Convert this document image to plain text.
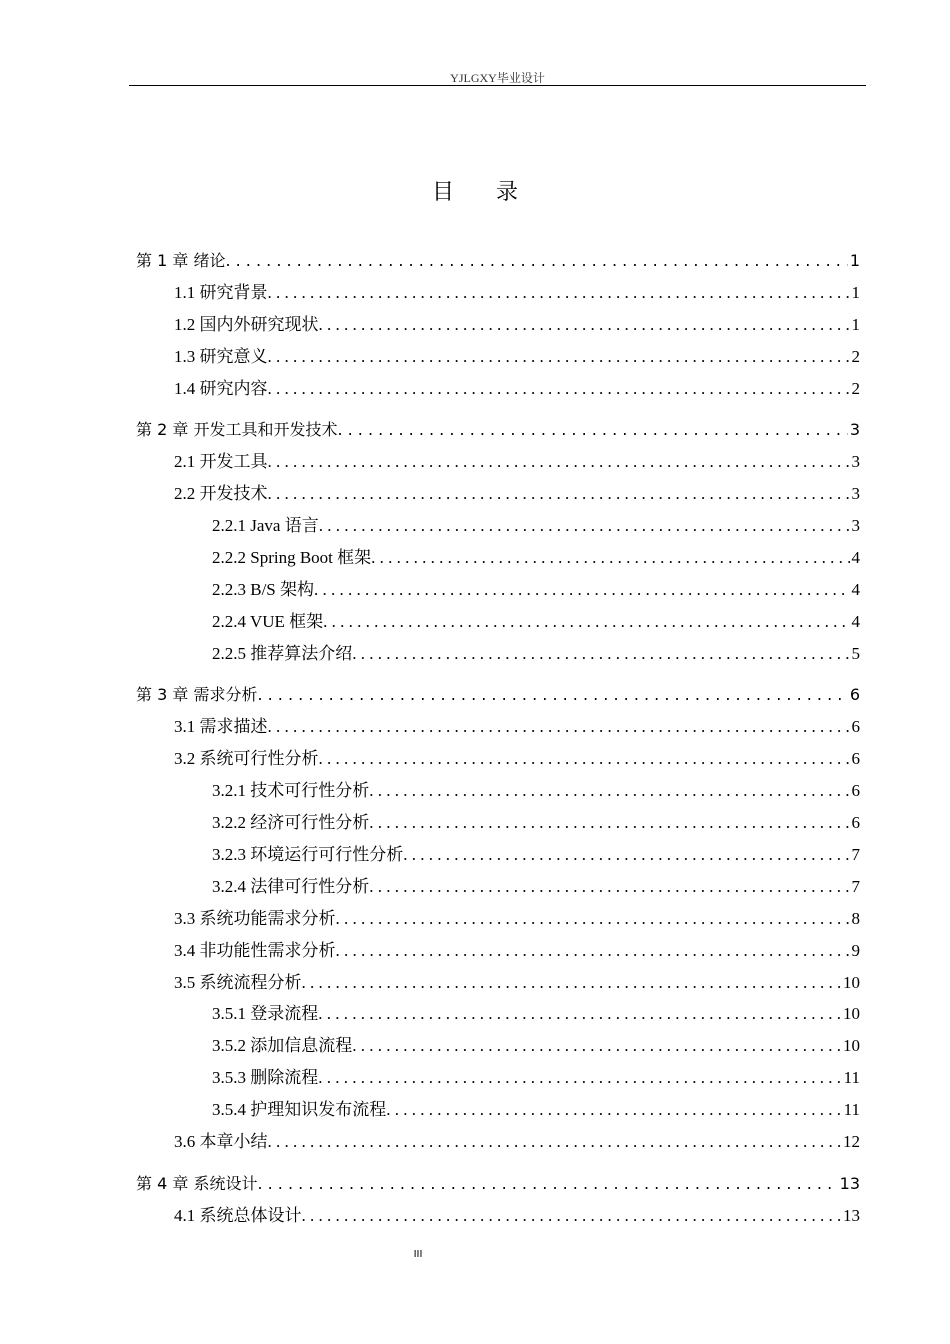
YJLGXY毕业设计
目 录
第 1 章 绪论 . . .	1
1.1 研究背景 . . .	1
1.2 国内外研究现状 . . .	1
1.3 研究意义 . . .	2
1.4 研究内容 . . .	2
第 2 章 开发工具和开发技术 . . .	3
2.1 开发工具 . . .	3
2.2 开发技术 . . .	3
2.2.1 Java 语言 . . .	3
2.2.2 Spring Boot 框架 . . .	4
2.2.3 B/S 架构 . . .	4
2.2.4 VUE 框架 . . .	4
2.2.5 推荐算法介绍 . . .	5
第 3 章 需求分析 . . .	6
3.1 需求描述 . . .	6
3.2 系统可行性分析 . . .	6
3.2.1 技术可行性分析 . . .	6
3.2.2 经济可行性分析 . . .	6
3.2.3 环境运行可行性分析 . . .	7
3.2.4 法律可行性分析 . . .	7
3.3 系统功能需求分析 . . .	8
3.4 非功能性需求分析 . . .	9
3.5 系统流程分析 . . .	10
3.5.1 登录流程 . . .	10
3.5.2 添加信息流程 . . .	10
3.5.3 删除流程 . . .	11
3.5.4 护理知识发布流程 . . .	11
3.6 本章小结 . . .	12
第 4 章 系统设计 . . .	13
4.1 系统总体设计 . . .	13
III
